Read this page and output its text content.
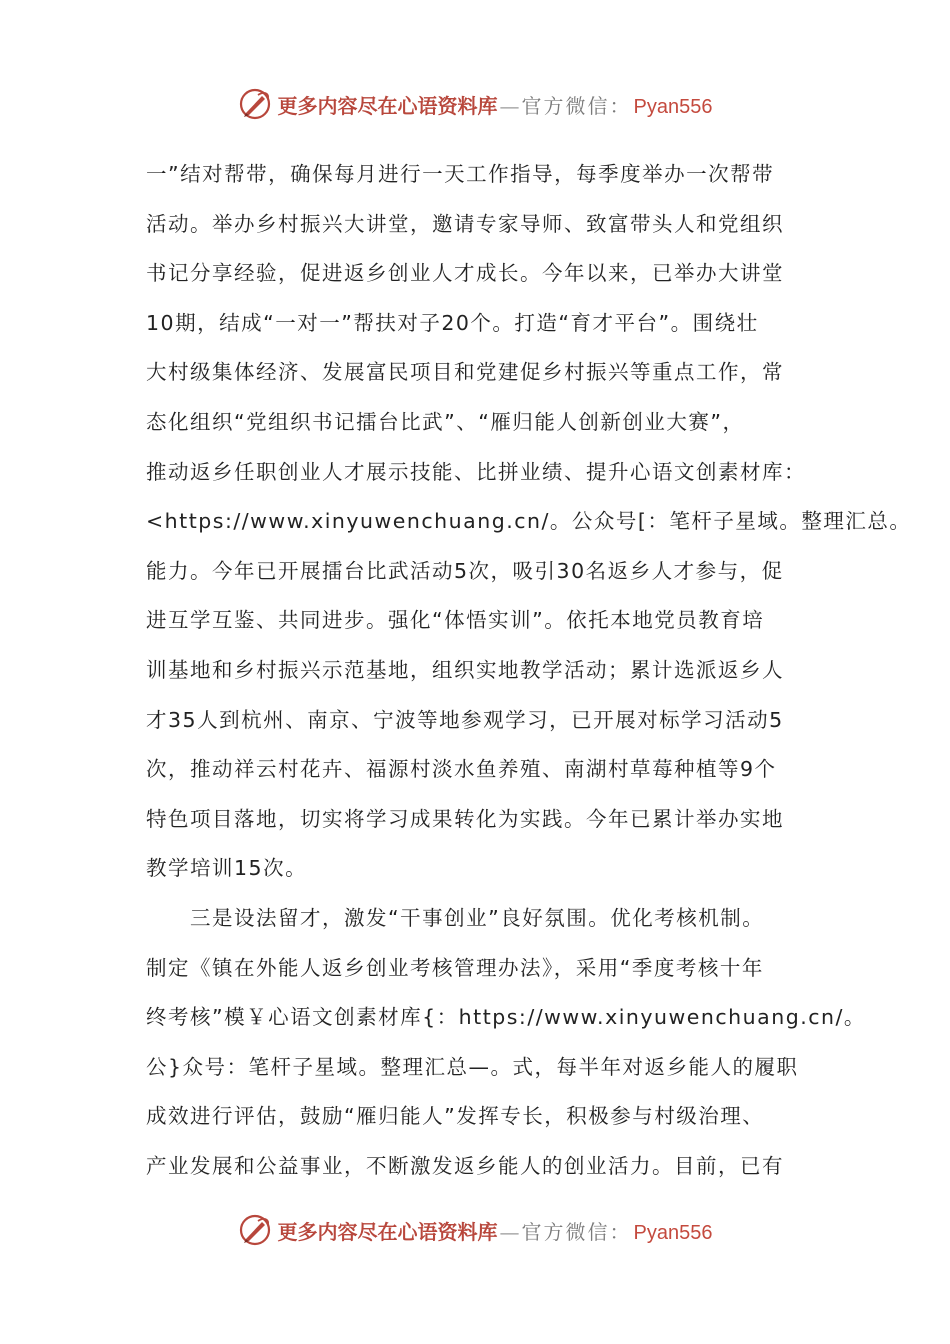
更多内容尽在心语资料库 — 官方微信： Pyan556
一”结对帮带，确保每月进行一天工作指导，每季度举办一次帮带
活动。举办乡村振兴大讲堂，邀请专家导师、致富带头人和党组织
书记分享经验，促进返乡创业人才成长。今年以来，已举办大讲堂
10期，结成“一对一”帮扶对子20个。打造“育才平台”。围绕壮
大村级集体经济、发展富民项目和党建促乡村振兴等重点工作，常
态化组织“党组织书记擂台比武”、“雁归能人创新创业大赛”，
推动返乡任职创业人才展示技能、比拼业绩、提升心语文创素材库：
<https://www.xinyuwenchuang.cn/。公众号[：笔杆子星域。整理汇总。
能力。今年已开展擂台比武活动5次，吸引30名返乡人才参与，促
进互学互鉴、共同进步。强化“体悟实训”。依托本地党员教育培
训基地和乡村振兴示范基地，组织实地教学活动；累计选派返乡人
才35人到杭州、南京、宁波等地参观学习，已开展对标学习活动5
次，推动祥云村花卉、福源村淡水鱼养殖、南湖村草莓种植等9个
特色项目落地，切实将学习成果转化为实践。今年已累计举办实地
教学培训15次。
三是设法留才，激发“干事创业”良好氛围。优化考核机制。
制定《镇在外能人返乡创业考核管理办法》，采用“季度考核十年
终考核”模￥心语文创素材库{：https://www.xinyuwenchuang.cn/。
公}众号：笔杆子星域。整理汇总—。式，每半年对返乡能人的履职
成效进行评估，鼓励“雁归能人”发挥专长，积极参与村级治理、
产业发展和公益事业，不断激发返乡能人的创业活力。目前，已有
更多内容尽在心语资料库 — 官方微信： Pyan556
